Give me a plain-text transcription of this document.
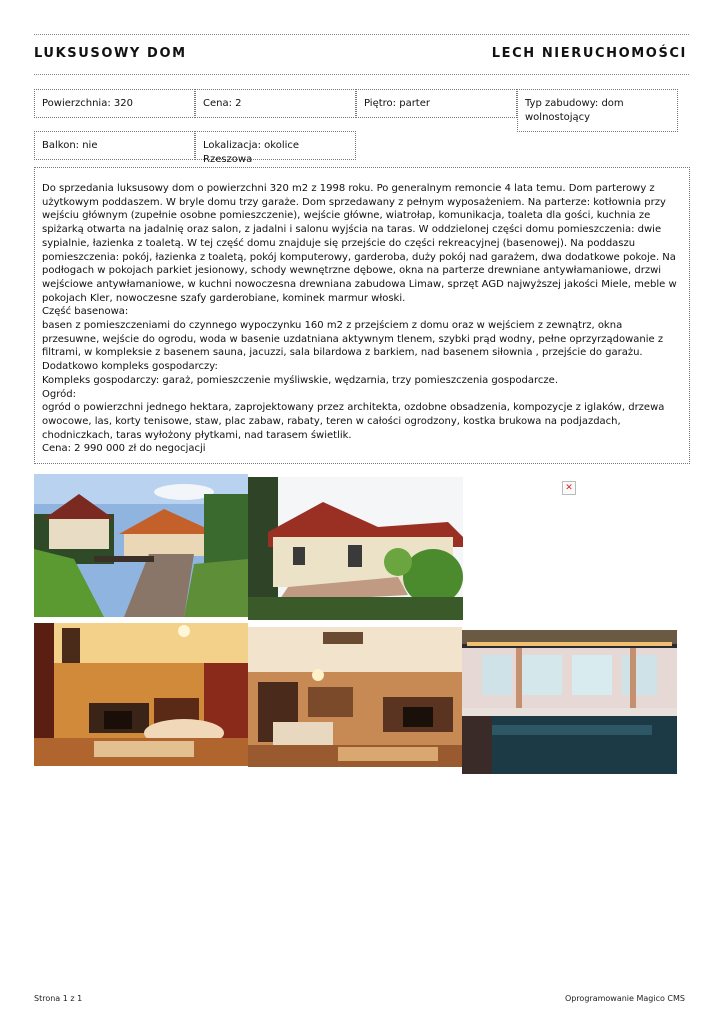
LUKSUSOWY DOM	LECH NIERUCHOMOŚCI
Powierzchnia: 320	Cena: 2	Piętro: parter	Typ zabudowy: dom wolnostojący
Balkon: nie	Lokalizacja: okolice Rzeszowa

Do sprzedania luksusowy dom o powierzchni 320 m2 z 1998 roku. Po generalnym remoncie 4 lata temu. Dom parterowy z użytkowym poddaszem. W bryle domu trzy garaże. Dom sprzedawany z pełnym wyposażeniem. Na parterze: kotłownia przy wejściu głównym (zupełnie osobne pomieszczenie), wejście główne, wiatrołap, komunikacja, toaleta dla gości, kuchnia ze spiżarką otwarta na jadalnię oraz salon, z jadalni i salonu wyjścia na taras. W oddzielonej części domu pomieszczenia: dwie sypialnie, łazienka z toaletą. W tej część domu znajduje się przejście do części rekreacyjnej (basenowej). Na poddaszu pomieszczenia: pokój, łazienka z toaletą, pokój komputerowy, garderoba, duży pokój nad garażem, dwa dodatkowe pokoje. Na podłogach w pokojach parkiet jesionowy, schody wewnętrzne dębowe, okna na parterze drewniane antywłamaniowe, drzwi wejściowe antywłamaniowe, w kuchni nowoczesna drewniana zabudowa Limaw, sprzęt AGD najwyższej jakości Miele, meble w pokojach Kler, nowoczesne szafy garderobiane, kominek marmur włoski.

Część basenowa:

basen z pomieszczeniami do czynnego wypoczynku 160 m2 z przejściem z domu oraz w wejściem z zewnątrz, okna przesuwne, wejście do ogrodu, woda w basenie uzdatniana aktywnym tlenem, szybki prąd wodny, pełne oprzyrządowanie z filtrami, w kompleksie z basenem sauna, jacuzzi, sala bilardowa z barkiem, nad basenem siłownia , przejście do garażu.

Dodatkowo kompleks gospodarczy:

Kompleks gospodarczy: garaż, pomieszczenie myśliwskie, wędzarnia, trzy pomieszczenia gospodarcze.

Ogród:

ogród o powierzchni jednego hektara, zaprojektowany przez architekta, ozdobne obsadzenia, kompozycje z iglaków, drzewa owocowe, las, korty tenisowe, staw, plac zabaw, rabaty, teren w całości ogrodzony, kostka brukowa na podjazdach, chodniczkach, taras wyłożony płytkami, nad tarasem świetlik.

Cena: 2 990 000 zł do negocjacji

✕
Strona 1 z 1	Oprogramowanie Magico CMS
